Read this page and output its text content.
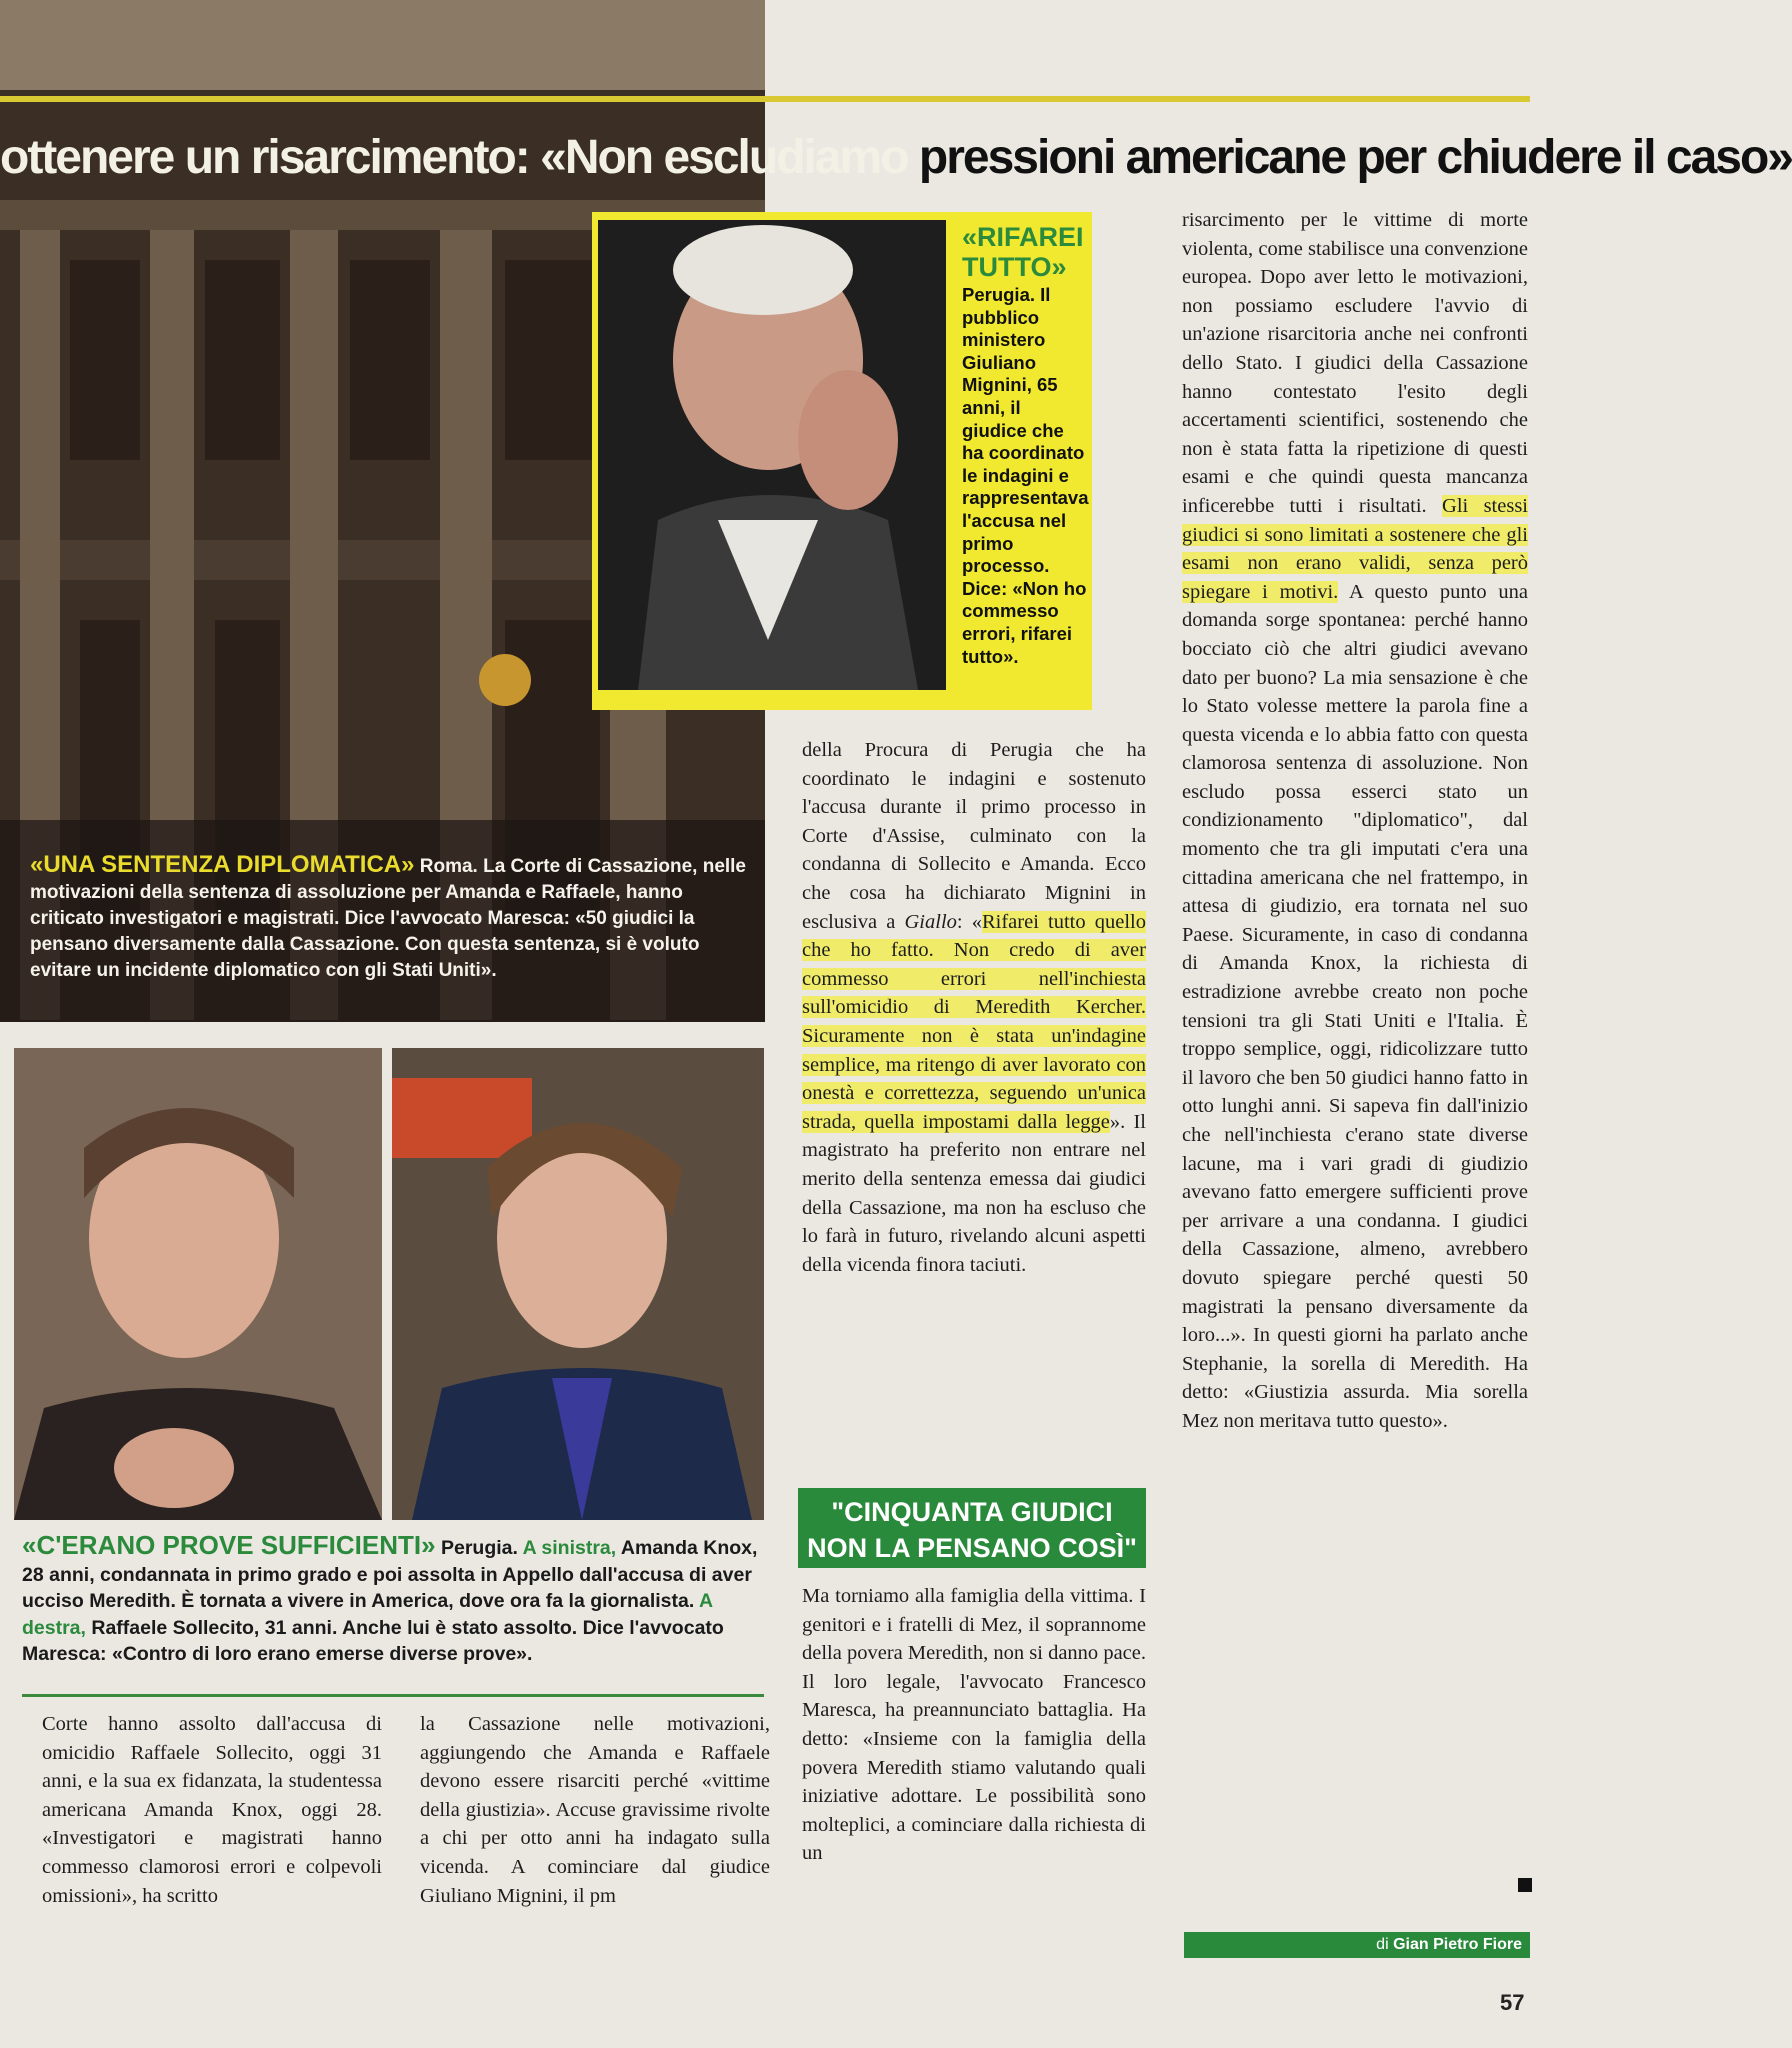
ottenere un risarcimento: «Non escludiamo pressioni americane per chiudere il caso»
«UNA SENTENZA DIPLOMATICA» Roma. La Corte di Cassazione, nelle motivazioni della sentenza di assoluzione per Amanda e Raffaele, hanno criticato investigatori e magistrati. Dice l'avvocato Maresca: «50 giudici la pensano diversamente dalla Cassazione. Con questa sentenza, si è voluto evitare un incidente diplomatico con gli Stati Uniti».
«RIFAREI TUTTO»
Perugia. Il pubblico ministero Giuliano Mignini, 65 anni, il giudice che ha coordinato le indagini e rappresentava l'accusa nel primo processo. Dice: «Non ho commesso errori, rifarei tutto».
«C'ERANO PROVE SUFFICIENTI» Perugia. A sinistra, Amanda Knox, 28 anni, condannata in primo grado e poi assolta in Appello dall'accusa di aver ucciso Meredith. È tornata a vivere in America, dove ora fa la giornalista. A destra, Raffaele Sollecito, 31 anni. Anche lui è stato assolto. Dice l'avvocato Maresca: «Contro di loro erano emerse diverse prove».
Corte hanno assolto dall'accusa di omicidio Raffaele Sollecito, oggi 31 anni, e la sua ex fidanzata, la studentessa americana Amanda Knox, oggi 28. «Investigatori e magistrati hanno commesso clamorosi errori e colpevoli omissioni», ha scritto
la Cassazione nelle motivazioni, aggiungendo che Amanda e Raffaele devono essere risarciti perché «vittime della giustizia». Accuse gravissime rivolte a chi per otto anni ha indagato sulla vicenda. A cominciare dal giudice Giuliano Mignini, il pm
della Procura di Perugia che ha coordinato le indagini e sostenuto l'accusa durante il primo processo in Corte d'Assise, culminato con la condanna di Sollecito e Amanda. Ecco che cosa ha dichiarato Mignini in esclusiva a Giallo: «Rifarei tutto quello che ho fatto. Non credo di aver commesso errori nell'inchiesta sull'omicidio di Meredith Kercher. Sicuramente non è stata un'indagine semplice, ma ritengo di aver lavorato con onestà e correttezza, seguendo un'unica strada, quella impostami dalla legge». Il magistrato ha preferito non entrare nel merito della sentenza emessa dai giudici della Cassazione, ma non ha escluso che lo farà in futuro, rivelando alcuni aspetti della vicenda finora taciuti.
"CINQUANTA GIUDICI NON LA PENSANO COSÌ"
Ma torniamo alla famiglia della vittima. I genitori e i fratelli di Mez, il soprannome della povera Meredith, non si danno pace. Il loro legale, l'avvocato Francesco Maresca, ha preannunciato battaglia. Ha detto: «Insieme con la famiglia della povera Meredith stiamo valutando quali iniziative adottare. Le possibilità sono molteplici, a cominciare dalla richiesta di un
risarcimento per le vittime di morte violenta, come stabilisce una convenzione europea. Dopo aver letto le motivazioni, non possiamo escludere l'avvio di un'azione risarcitoria anche nei confronti dello Stato. I giudici della Cassazione hanno contestato l'esito degli accertamenti scientifici, sostenendo che non è stata fatta la ripetizione di questi esami e che quindi questa mancanza inficerebbe tutti i risultati. Gli stessi giudici si sono limitati a sostenere che gli esami non erano validi, senza però spiegare i motivi. A questo punto una domanda sorge spontanea: perché hanno bocciato ciò che altri giudici avevano dato per buono? La mia sensazione è che lo Stato volesse mettere la parola fine a questa vicenda e lo abbia fatto con questa clamorosa sentenza di assoluzione. Non escludo possa esserci stato un condizionamento "diplomatico", dal momento che tra gli imputati c'era una cittadina americana che nel frattempo, in attesa di giudizio, era tornata nel suo Paese. Sicuramente, in caso di condanna di Amanda Knox, la richiesta di estradizione avrebbe creato non poche tensioni tra gli Stati Uniti e l'Italia. È troppo semplice, oggi, ridicolizzare tutto il lavoro che ben 50 giudici hanno fatto in otto lunghi anni. Si sapeva fin dall'inizio che nell'inchiesta c'erano state diverse lacune, ma i vari gradi di giudizio avevano fatto emergere sufficienti prove per arrivare a una condanna. I giudici della Cassazione, almeno, avrebbero dovuto spiegare perché questi 50 magistrati la pensano diversamente da loro...». In questi giorni ha parlato anche Stephanie, la sorella di Meredith. Ha detto: «Giustizia assurda. Mia sorella Mez non meritava tutto questo».
di Gian Pietro Fiore
57
